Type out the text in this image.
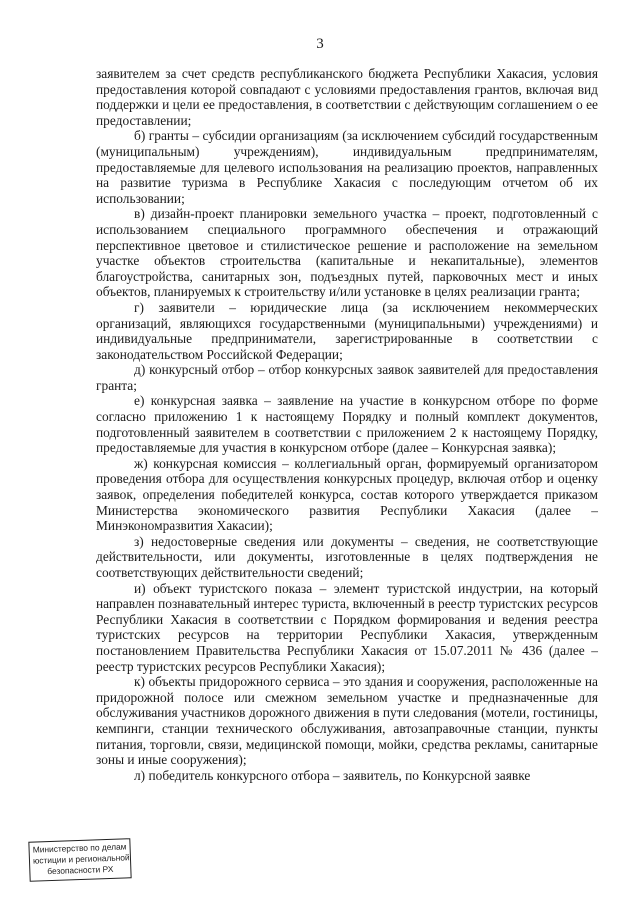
3

заявителем за счет средств республиканского бюджета Республики Хакасия, условия предоставления которой совпадают с условиями предоставления грантов, включая вид поддержки и цели ее предоставления, в соответствии с действующим соглашением о ее предоставлении;

б) гранты – субсидии организациям (за исключением субсидий государственным (муниципальным) учреждениям), индивидуальным предпринимателям, предоставляемые для целевого использования на реализацию проектов, направленных на развитие туризма в Республике Хакасия с последующим отчетом об их использовании;

в) дизайн-проект планировки земельного участка – проект, подготовленный с использованием специального программного обеспечения и отражающий перспективное цветовое и стилистическое решение и расположение на земельном участке объектов строительства (капитальные и некапитальные), элементов благоустройства, санитарных зон, подъездных путей, парковочных мест и иных объектов, планируемых к строительству и/или установке в целях реализации гранта;

г) заявители – юридические лица (за исключением некоммерческих организаций, являющихся государственными (муниципальными) учреждениями) и индивидуальные предприниматели, зарегистрированные в соответствии с законодательством Российской Федерации;

д) конкурсный отбор – отбор конкурсных заявок заявителей для предоставления гранта;

е) конкурсная заявка – заявление на участие в конкурсном отборе по форме согласно приложению 1 к настоящему Порядку и полный комплект документов, подготовленный заявителем в соответствии с приложением 2 к настоящему Порядку, предоставляемые для участия в конкурсном отборе (далее – Конкурсная заявка);

ж) конкурсная комиссия – коллегиальный орган, формируемый организатором проведения отбора для осуществления конкурсных процедур, включая отбор и оценку заявок, определения победителей конкурса, состав которого утверждается приказом Министерства экономического развития Республики Хакасия (далее – Минэкономразвития Хакасии);

з) недостоверные сведения или документы – сведения, не соответствующие действительности, или документы, изготовленные в целях подтверждения не соответствующих действительности сведений;

и) объект туристского показа – элемент туристской индустрии, на который направлен познавательный интерес туриста, включенный в реестр туристских ресурсов Республики Хакасия в соответствии с Порядком формирования и ведения реестра туристских ресурсов на территории Республики Хакасия, утвержденным постановлением Правительства Республики Хакасия от 15.07.2011 № 436 (далее – реестр туристских ресурсов Республики Хакасия);

к) объекты придорожного сервиса – это здания и сооружения, расположенные на придорожной полосе или смежном земельном участке и предназначенные для обслуживания участников дорожного движения в пути следования (мотели, гостиницы, кемпинги, станции технического обслуживания, автозаправочные станции, пункты питания, торговли, связи, медицинской помощи, мойки, средства рекламы, санитарные зоны и иные сооружения);

л) победитель конкурсного отбора – заявитель, по Конкурсной заявке

Министерство по делам
юстиции и региональной
безопасности РХ
